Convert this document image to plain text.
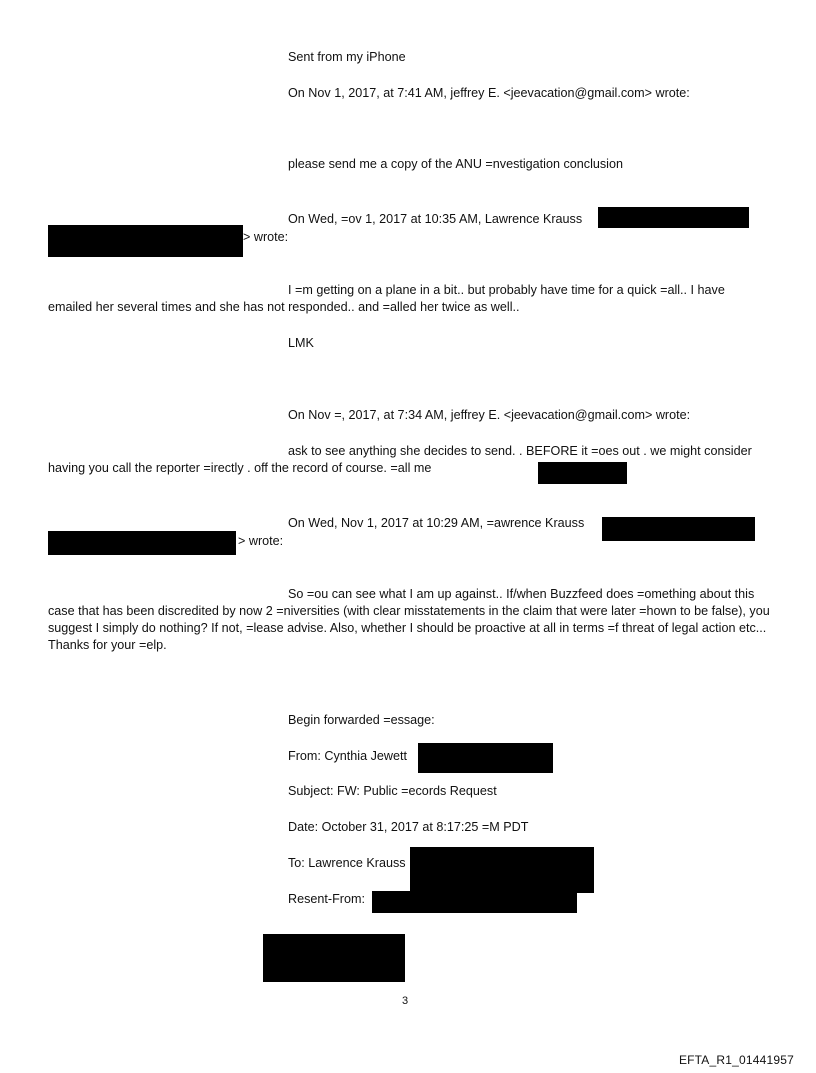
Sent from my iPhone
On Nov 1, 2017, at 7:41 AM, jeffrey E. <jeevacation@gmail.com> wrote:
please send me a copy of the ANU =nvestigation conclusion
On Wed, =ov 1, 2017 at 10:35 AM, Lawrence Krauss
> wrote:
I =m getting on a plane in a bit.. but probably have time for a quick =all.. I have emailed her several times and she has not responded.. and =alled her twice as well..
LMK
On Nov =, 2017, at 7:34 AM, jeffrey E. <jeevacation@gmail.com> wrote:
ask to see anything she decides to send. . BEFORE it =oes out . we might consider having you call the reporter =irectly . off the record of course. =all me
On Wed, Nov 1, 2017 at 10:29 AM, =awrence Krauss
> wrote:
So =ou can see what I am up against.. If/when Buzzfeed does =omething about this case that has been discredited by now 2 =niversities (with clear misstatements in the claim that were later =hown to be false), you suggest I simply do nothing? If not, =lease advise. Also, whether I should be proactive at all in terms =f threat of legal action etc... Thanks for your =elp.
Begin forwarded =essage:
From: Cynthia Jewett
Subject: FW: Public =ecords Request
Date: October 31, 2017 at 8:17:25 =M PDT
To: Lawrence Krauss
Resent-From:
3
EFTA_R1_01441957
